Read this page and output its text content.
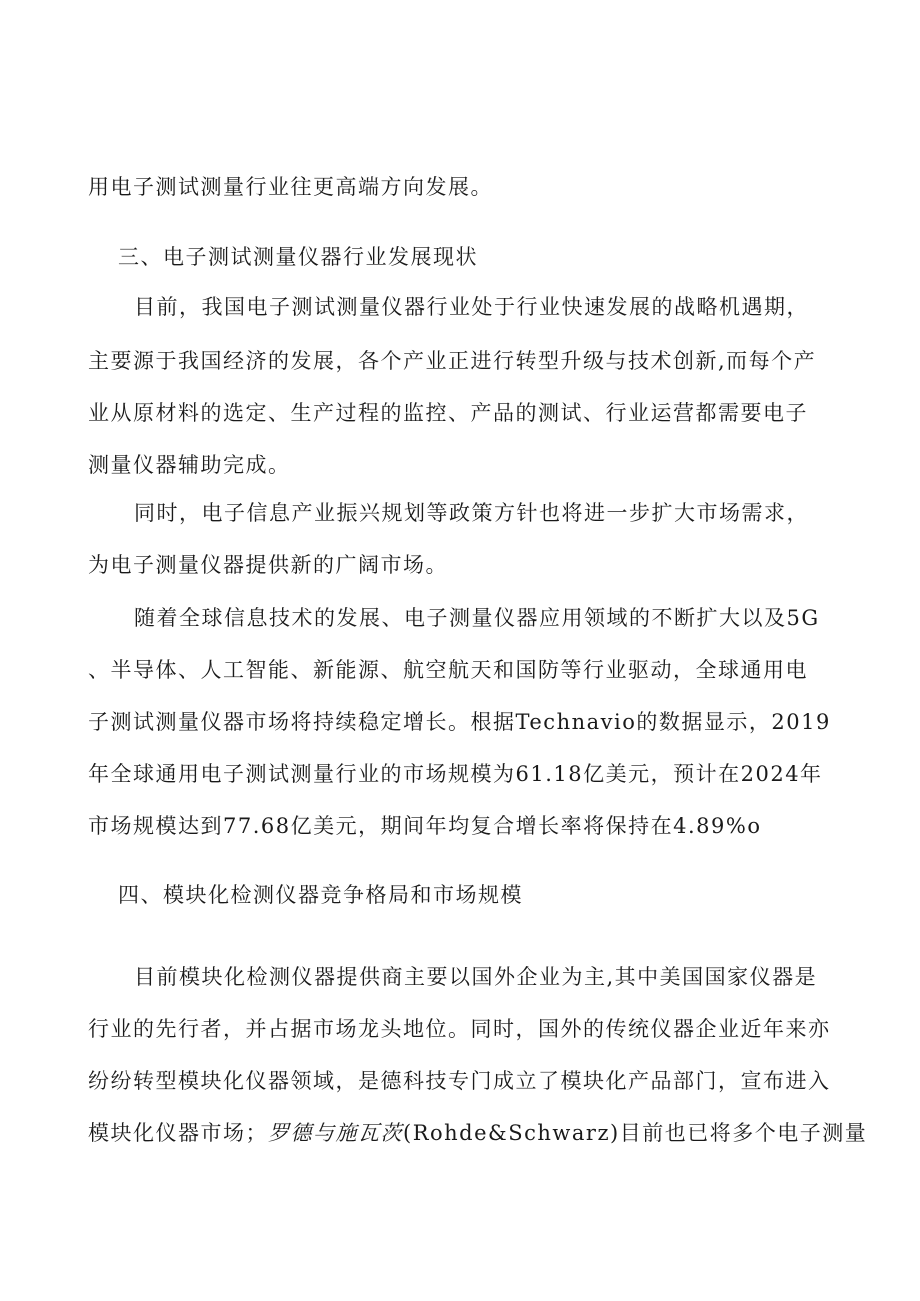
用电子测试测量行业往更高端方向发展。
三、电子测试测量仪器行业发展现状
目前，我国电子测试测量仪器行业处于行业快速发展的战略机遇期，
主要源于我国经济的发展，各个产业正进行转型升级与技术创新,而每个产
业从原材料的选定、生产过程的监控、产品的测试、行业运营都需要电子
测量仪器辅助完成。
同时，电子信息产业振兴规划等政策方针也将进一步扩大市场需求，
为电子测量仪器提供新的广阔市场。
随着全球信息技术的发展、电子测量仪器应用领域的不断扩大以及5G
、半导体、人工智能、新能源、航空航天和国防等行业驱动，全球通用电
子测试测量仪器市场将持续稳定增长。根据Technavio的数据显示，2019
年全球通用电子测试测量行业的市场规模为61.18亿美元，预计在2024年
市场规模达到77.68亿美元，期间年均复合增长率将保持在4.89%o
四、模块化检测仪器竞争格局和市场规模
目前模块化检测仪器提供商主要以国外企业为主,其中美国国家仪器是
行业的先行者，并占据市场龙头地位。同时，国外的传统仪器企业近年来亦
纷纷转型模块化仪器领域，是德科技专门成立了模块化产品部门，宣布进入
模块化仪器市场；罗德与施瓦茨(Rohde&Schwarz)目前也已将多个电子测量
